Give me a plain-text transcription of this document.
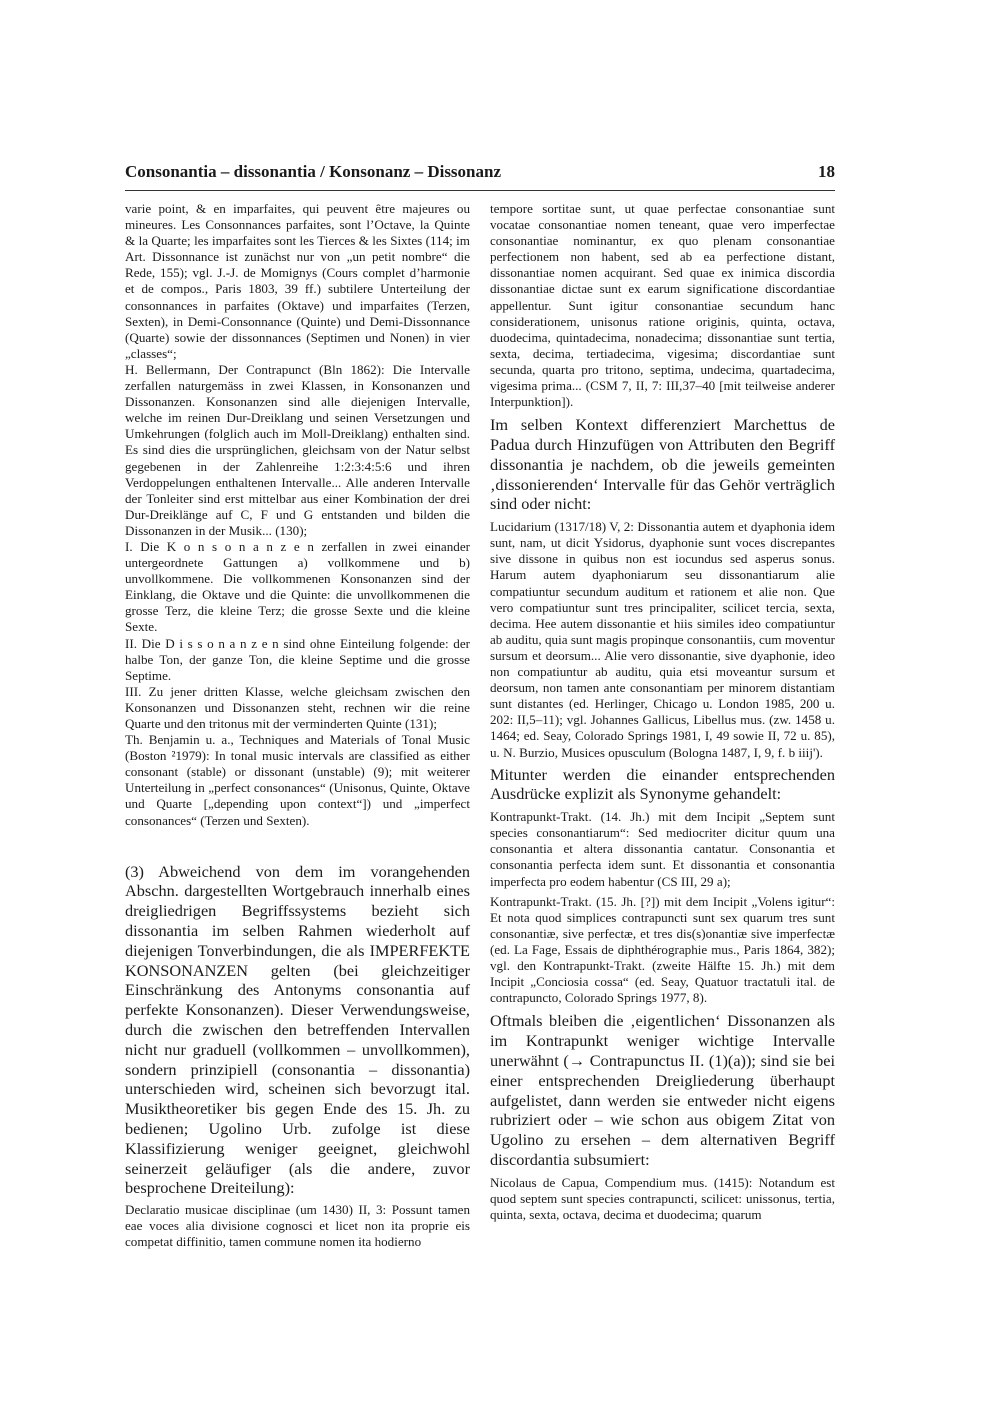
Consonantia – dissonantia / Konsonanz – Dissonanz	18

varie point, & en imparfaites, qui peuvent être majeures ou mineures. Les Consonnances parfaites, sont l’Octave, la Quinte & la Quarte; les imparfaites sont les Tierces & les Sixtes (114; im Art. Dissonnance ist zunächst nur von „un petit nombre“ die Rede, 155); vgl. J.-J. de Momignys (Cours complet d’harmonie et de compos., Paris 1803, 39 ff.) subtilere Unterteilung der consonnances in parfaites (Oktave) und imparfaites (Terzen, Sexten), in Demi-Consonnance (Quinte) und Demi-Dissonnance (Quarte) sowie der dissonnances (Septimen und Nonen) in vier „classes“;

H. Bellermann, Der Contrapunct (Bln 1862): Die Intervalle zerfallen naturgemäss in zwei Klassen, in Konsonanzen und Dissonanzen. Konsonanzen sind alle diejenigen Intervalle, welche im reinen Dur-Dreiklang und seinen Versetzungen und Umkehrungen (folglich auch im Moll-Dreiklang) enthalten sind. Es sind dies die ursprünglichen, gleichsam von der Natur selbst gegebenen in der Zahlenreihe 1:2:3:4:5:6 und ihren Verdoppelungen enthaltenen Intervalle... Alle anderen Intervalle der Tonleiter sind erst mittelbar aus einer Kombination der drei Dur-Dreiklänge auf C, F und G entstanden und bilden die Dissonanzen in der Musik... (130);

I. Die K o n s o n a n z e n zerfallen in zwei einander untergeordnete Gattungen a) vollkommene und b) unvollkommene. Die vollkommenen Konsonanzen sind der Einklang, die Oktave und die Quinte: die unvollkommenen die grosse Terz, die kleine Terz; die grosse Sexte und die kleine Sexte.

II. Die D i s s o n a n z e n sind ohne Einteilung folgende: der halbe Ton, der ganze Ton, die kleine Septime und die grosse Septime.

III. Zu jener dritten Klasse, welche gleichsam zwischen den Konsonanzen und Dissonanzen steht, rechnen wir die reine Quarte und den tritonus mit der verminderten Quinte (131);

Th. Benjamin u. a., Techniques and Materials of Tonal Music (Boston ²1979): In tonal music intervals are classified as either consonant (stable) or dissonant (unstable) (9); mit weiterer Unterteilung in „perfect consonances“ (Unisonus, Quinte, Oktave und Quarte [„depending upon context“]) und „imperfect consonances“ (Terzen und Sexten).

(3) Abweichend von dem im vorangehenden Abschn. dargestellten Wortgebrauch innerhalb eines dreigliedrigen Begriffssystems bezieht sich dissonantia im selben Rahmen wiederholt auf diejenigen Tonverbindungen, die als IMPERFEKTE KONSONANZEN gelten (bei gleichzeitiger Einschränkung des Antonyms consonantia auf perfekte Konsonanzen). Dieser Verwendungsweise, durch die zwischen den betreffenden Intervallen nicht nur graduell (vollkommen – unvollkommen), sondern prinzipiell (consonantia – dissonantia) unterschieden wird, scheinen sich bevorzugt ital. Musiktheoretiker bis gegen Ende des 15. Jh. zu bedienen; Ugolino Urb. zufolge ist diese Klassifizierung weniger geeignet, gleichwohl seinerzeit geläufiger (als die andere, zuvor besprochene Dreiteilung):

Declaratio musicae disciplinae (um 1430) II, 3: Possunt tamen eae voces alia divisione cognosci et licet non ita proprie eis competat diffinitio, tamen commune nomen ita hodierno

tempore sortitae sunt, ut quae perfectae consonantiae sunt vocatae consonantiae nomen teneant, quae vero imperfectae consonantiae nominantur, ex quo plenam consonantiae perfectionem non habent, sed ab ea perfectione distant, dissonantiae nomen acquirant. Sed quae ex inimica discordia dissonantiae dictae sunt ex earum significatione discordantiae appellentur. Sunt igitur consonantiae secundum hanc considerationem, unisonus ratione originis, quinta, octava, duodecima, quintadecima, nonadecima; dissonantiae sunt tertia, sexta, decima, tertiadecima, vigesima; discordantiae sunt secunda, quarta pro tritono, septima, undecima, quartadecima, vigesima prima... (CSM 7, II, 7: III,37–40 [mit teilweise anderer Interpunktion]).

Im selben Kontext differenziert Marchettus de Padua durch Hinzufügen von Attributen den Begriff dissonantia je nachdem, ob die jeweils gemeinten ‚dissonierenden‘ Intervalle für das Gehör verträglich sind oder nicht:

Lucidarium (1317/18) V, 2: Dissonantia autem et dyaphonia idem sunt, nam, ut dicit Ysidorus, dyaphonie sunt voces discrepantes sive dissone in quibus non est iocundus sed asperus sonus. Harum autem dyaphoniarum seu dissonantiarum alie compatiuntur secundum auditum et rationem et alie non. Que vero compatiuntur sunt tres principaliter, scilicet tercia, sexta, decima. Hee autem dissonantie et hiis similes ideo compatiuntur ab auditu, quia sunt magis propinque consonantiis, cum moventur sursum et deorsum... Alie vero dissonantie, sive dyaphonie, ideo non compatiuntur ab auditu, quia etsi moveantur sursum et deorsum, non tamen ante consonantiam per minorem distantiam sunt distantes (ed. Herlinger, Chicago u. London 1985, 200 u. 202: II,5–11); vgl. Johannes Gallicus, Libellus mus. (zw. 1458 u. 1464; ed. Seay, Colorado Springs 1981, I, 49 sowie II, 72 u. 85), u. N. Burzio, Musices opusculum (Bologna 1487, I, 9, f. b iiij').

Mitunter werden die einander entsprechenden Ausdrücke explizit als Synonyme gehandelt:

Kontrapunkt-Trakt. (14. Jh.) mit dem Incipit „Septem sunt species consonantiarum“: Sed mediocriter dicitur quum una consonantia et altera dissonantia cantatur. Consonantia et consonantia perfecta idem sunt. Et dissonantia et consonantia imperfecta pro eodem habentur (CS III, 29 a);

Kontrapunkt-Trakt. (15. Jh. [?]) mit dem Incipit „Volens igitur“: Et nota quod simplices contrapuncti sunt sex quarum tres sunt consonantiæ, sive perfectæ, et tres dis(s)onantiæ sive imperfectæ (ed. La Fage, Essais de diphthérographie mus., Paris 1864, 382); vgl. den Kontrapunkt-Trakt. (zweite Hälfte 15. Jh.) mit dem Incipit „Conciosia cossa“ (ed. Seay, Quatuor tractatuli ital. de contrapuncto, Colorado Springs 1977, 8).

Oftmals bleiben die ‚eigentlichen‘ Dissonanzen als im Kontrapunkt weniger wichtige Intervalle unerwähnt (→ Contrapunctus II. (1)(a)); sind sie bei einer entsprechenden Dreigliederung überhaupt aufgelistet, dann werden sie entweder nicht eigens rubriziert oder – wie schon aus obigem Zitat von Ugolino zu ersehen – dem alternativen Begriff discordantia subsumiert:

Nicolaus de Capua, Compendium mus. (1415): Notandum est quod septem sunt species contrapuncti, scilicet: unissonus, tertia, quinta, sexta, octava, decima et duodecima; quarum
